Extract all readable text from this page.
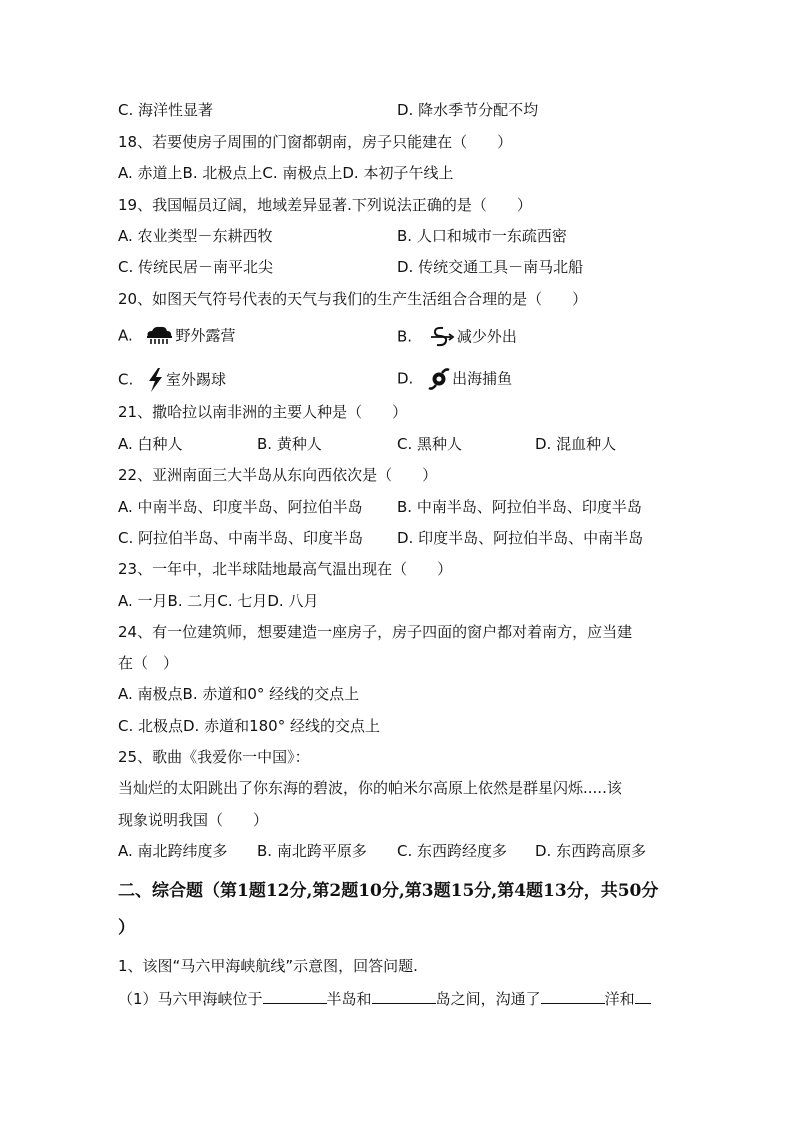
C. 海洋性显著	D. 降水季节分配不均
18、若要使房子周围的门窗都朝南，房子只能建在（　　）
A. 赤道上B. 北极点上C. 南极点上D. 本初子午线上
19、我国幅员辽阔，地域差异显著.下列说法正确的是（　　）
A. 农业类型－东耕西牧	B. 人口和城市一东疏西密
C. 传统民居－南平北尖	D. 传统交通工具－南马北船
20、如图天气符号代表的天气与我们的生产生活组合合理的是（　　）
A.	野外露营	B.	减少外出
C. 室外踢球	D.	出海捕鱼
21、撒哈拉以南非洲的主要人种是（　　）
A. 白种人	B. 黄种人	C. 黑种人	D. 混血种人
22、亚洲南面三大半岛从东向西依次是（　　）
A. 中南半岛、印度半岛、阿拉伯半岛 B. 中南半岛、阿拉伯半岛、印度半岛
C. 阿拉伯半岛、中南半岛、印度半岛 D. 印度半岛、阿拉伯半岛、中南半岛
23、一年中，北半球陆地最高气温出现在（　　）
A. 一月B. 二月C. 七月D. 八月
24、有一位建筑师，想要建造一座房子，房子四面的窗户都对着南方，应当建
在（　）
A. 南极点B. 赤道和0° 经线的交点上
C. 北极点D. 赤道和180° 经线的交点上
25、歌曲《我爱你一中国》：
当灿烂的太阳跳出了你东海的碧波，你的帕米尔高原上依然是群星闪烁.....该
现象说明我国（　　）
A. 南北跨纬度多 B. 南北跨平原多 C. 东西跨经度多 D. 东西跨高原多
二、综合题（第1题12分,第2题10分,第3题15分,第4题13分，共50分
）
1、该图“马六甲海峡航线”示意图，回答问题.
（1）马六甲海峡位于	半岛和	岛之间，沟通了	洋和
